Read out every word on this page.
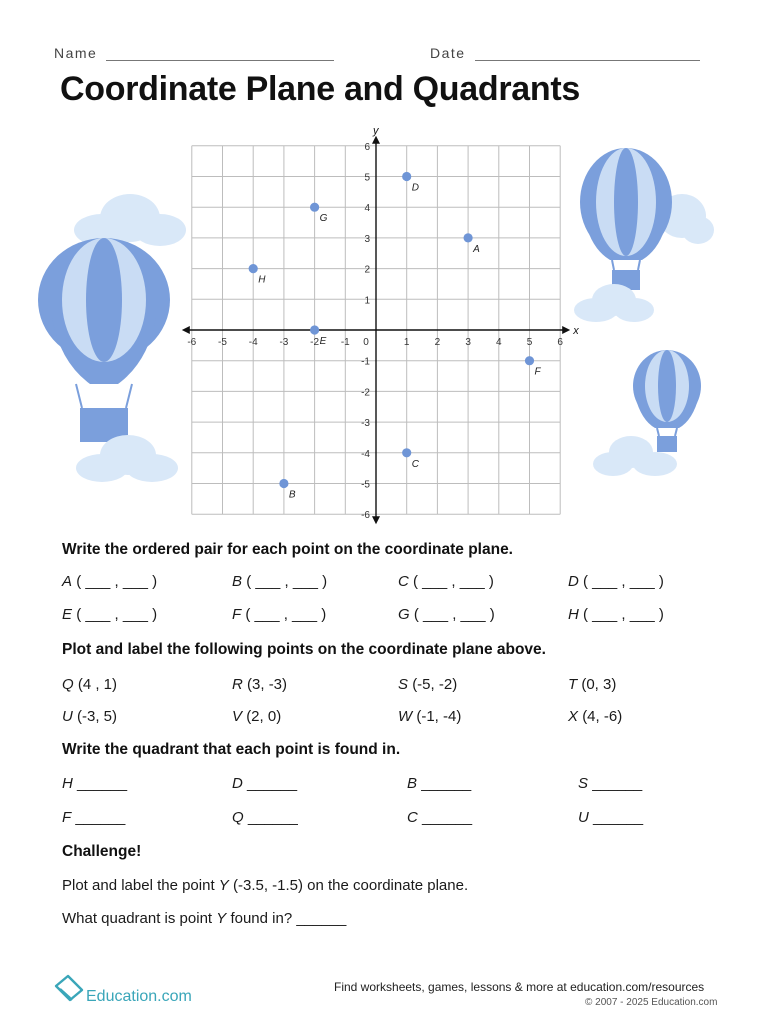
Name	Date
Coordinate Plane and Quadrants
x
y
-6 -5 -4 -3 -2 -1 0	1	2	3	4	5	6
6
5
4
3
2
1
-1
-2
-3
-4
-5
-6
A
B
C
D
E
F
G
H
Write the ordered pair for each point on the coordinate plane.
A ( ___ , ___ )	B ( ___ , ___ )	C ( ___ , ___ )	D ( ___ , ___ )
E ( ___ , ___ )	F ( ___ , ___ )	G ( ___ , ___ )	H ( ___ , ___ )
Plot and label the following points on the coordinate plane above.
Q (4 , 1)	R (3, -3)	S (-5, -2)	T (0, 3)
U (-3, 5)	V (2, 0)	W (-1, -4)	X (4, -6)
Write the quadrant that each point is found in.
H ______	D ______	B ______	S ______
F ______	Q ______	C ______	U ______
Challenge!
Plot and label the point Y (-3.5, -1.5) on the coordinate plane.
What quadrant is point Y found in? ______
Education.com
Find worksheets, games, lessons & more at education.com/resources
© 2007 - 2025 Education.com
